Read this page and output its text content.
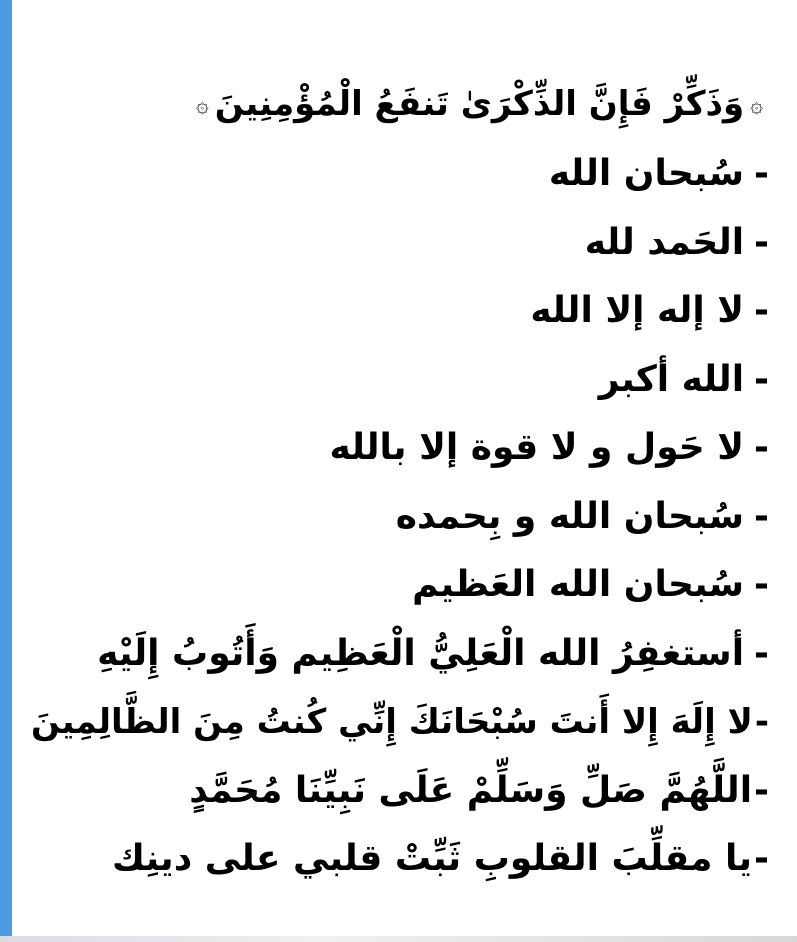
۞وَذَكِّرْ فَإِنَّ الذِّكْرَىٰ تَنفَعُ الْمُؤْمِنِينَ۞
-سُبحان الله
-الحَمد لله
-لا إله إلا الله
-الله أكبر
-لا حَول و لا قوة إلا بالله
-سُبحان الله و بِحمده
-سُبحان الله العَظيم
-أستغفِرُ الله الْعَلِيُّ الْعَظِيم وَأَتُوبُ إِلَيْهِ
-لا إِلَهَ إِلا أَنتَ سُبْحَانَكَ إِنِّي كُنتُ مِنَ الظَّالِمِينَ
-اللَّهُمَّ صَلِّ وَسَلِّمْ عَلَى نَبِيِّنَا مُحَمَّدٍ
-يا مقلِّبَ القلوبِ ثَبِّتْ قلبي على دينِك
